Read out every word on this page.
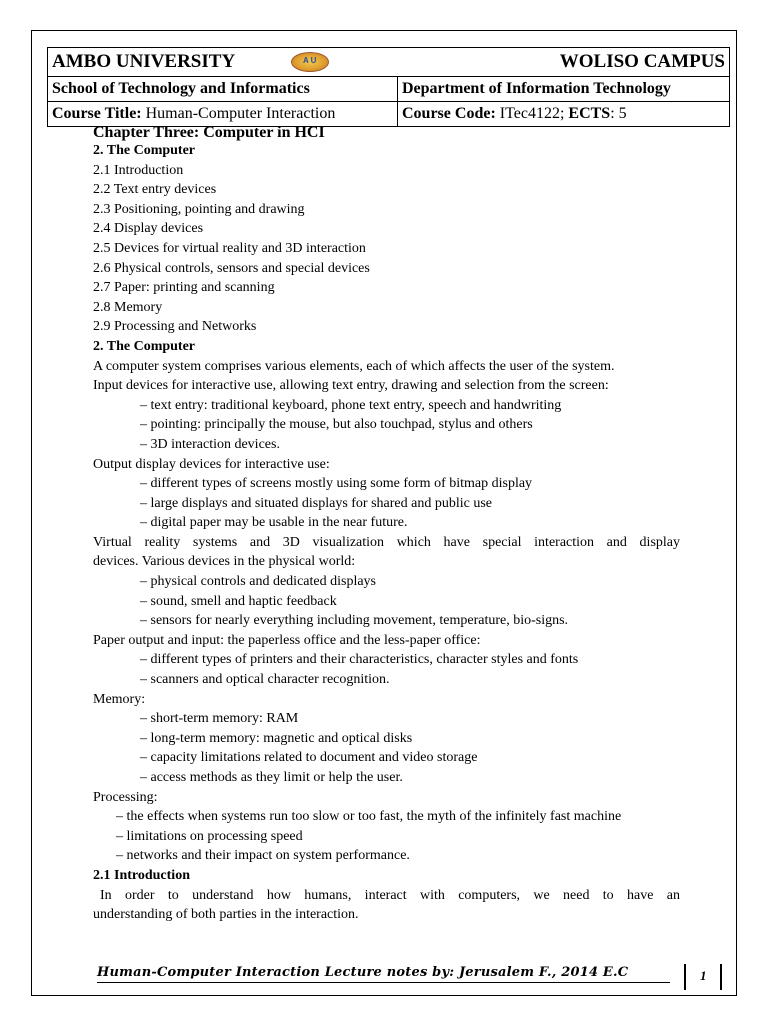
AMBO UNIVERSITY A U WOLISO CAMPUS	

School of Technology and Informatics	Department of Information Technology
Course Title: Human-Computer Interaction	Course Code: ITec4122; ECTS: 5
Chapter Three: Computer in HCI
2. The Computer
2.1 Introduction
2.2 Text entry devices
2.3 Positioning, pointing and drawing
2.4 Display devices
2.5 Devices for virtual reality and 3D interaction
2.6 Physical controls, sensors and special devices
2.7 Paper: printing and scanning
2.8 Memory
2.9 Processing and Networks
2. The Computer
A computer system comprises various elements, each of which affects the user of the system.
Input devices for interactive use, allowing text entry, drawing and selection from the screen:
– text entry: traditional keyboard, phone text entry, speech and handwriting
– pointing: principally the mouse, but also touchpad, stylus and others
– 3D interaction devices.
Output display devices for interactive use:
– different types of screens mostly using some form of bitmap display
– large displays and situated displays for shared and public use
– digital paper may be usable in the near future.
Virtual reality systems and 3D visualization which have special interaction and display
devices. Various devices in the physical world:
– physical controls and dedicated displays
– sound, smell and haptic feedback
– sensors for nearly everything including movement, temperature, bio-signs.
Paper output and input: the paperless office and the less-paper office:
– different types of printers and their characteristics, character styles and fonts
– scanners and optical character recognition.
Memory:
– short-term memory: RAM
– long-term memory: magnetic and optical disks
– capacity limitations related to document and video storage
– access methods as they limit or help the user.
Processing:
– the effects when systems run too slow or too fast, the myth of the infinitely fast machine
– limitations on processing speed
– networks and their impact on system performance.
2.1 Introduction
In order to understand how humans, interact with computers, we need to have an
understanding of both parties in the interaction.
Human-Computer Interaction Lecture notes by: Jerusalem F., 2014 E.C	1
